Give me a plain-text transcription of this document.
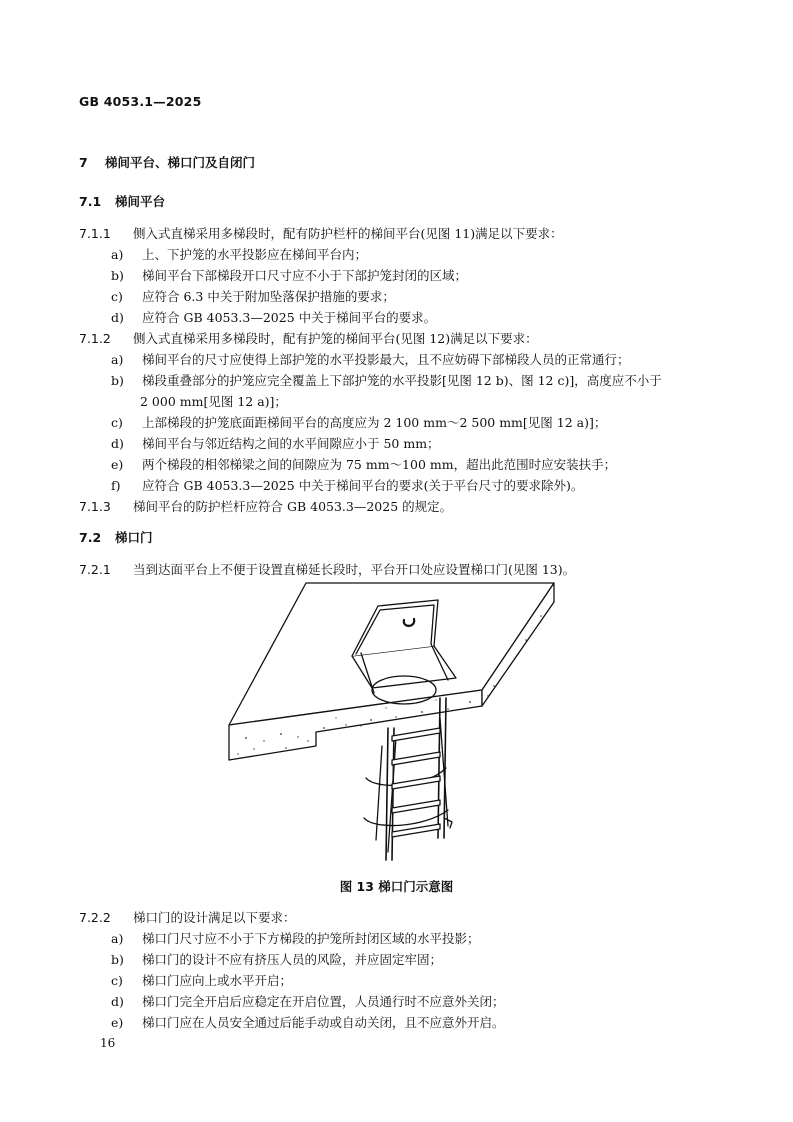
GB 4053.1—2025
7 梯间平台、梯口门及自闭门
7.1 梯间平台
7.1.1 侧入式直梯采用多梯段时，配有防护栏杆的梯间平台(见图 11)满足以下要求：
a) 上、下护笼的水平投影应在梯间平台内；
b) 梯间平台下部梯段开口尺寸应不小于下部护笼封闭的区域；
c) 应符合 6.3 中关于附加坠落保护措施的要求；
d) 应符合 GB 4053.3—2025 中关于梯间平台的要求。
7.1.2 侧入式直梯采用多梯段时，配有护笼的梯间平台(见图 12)满足以下要求：
a) 梯间平台的尺寸应使得上部护笼的水平投影最大，且不应妨碍下部梯段人员的正常通行；
b) 梯段重叠部分的护笼应完全覆盖上下部护笼的水平投影[见图 12 b)、图 12 c)]，高度应不小于
2 000 mm[见图 12 a)]；
c) 上部梯段的护笼底面距梯间平台的高度应为 2 100 mm～2 500 mm[见图 12 a)]；
d) 梯间平台与邻近结构之间的水平间隙应小于 50 mm；
e) 两个梯段的相邻梯梁之间的间隙应为 75 mm～100 mm，超出此范围时应安装扶手；
f) 应符合 GB 4053.3—2025 中关于梯间平台的要求(关于平台尺寸的要求除外)。
7.1.3 梯间平台的防护栏杆应符合 GB 4053.3—2025 的规定。
7.2 梯口门
7.2.1 当到达面平台上不便于设置直梯延长段时，平台开口处应设置梯口门(见图 13)。
图 13 梯口门示意图
7.2.2 梯口门的设计满足以下要求：
a) 梯口门尺寸应不小于下方梯段的护笼所封闭区域的水平投影；
b) 梯口门的设计不应有挤压人员的风险，并应固定牢固；
c) 梯口门应向上或水平开启；
d) 梯口门完全开启后应稳定在开启位置，人员通行时不应意外关闭；
e) 梯口门应在人员安全通过后能手动或自动关闭，且不应意外开启。
16
